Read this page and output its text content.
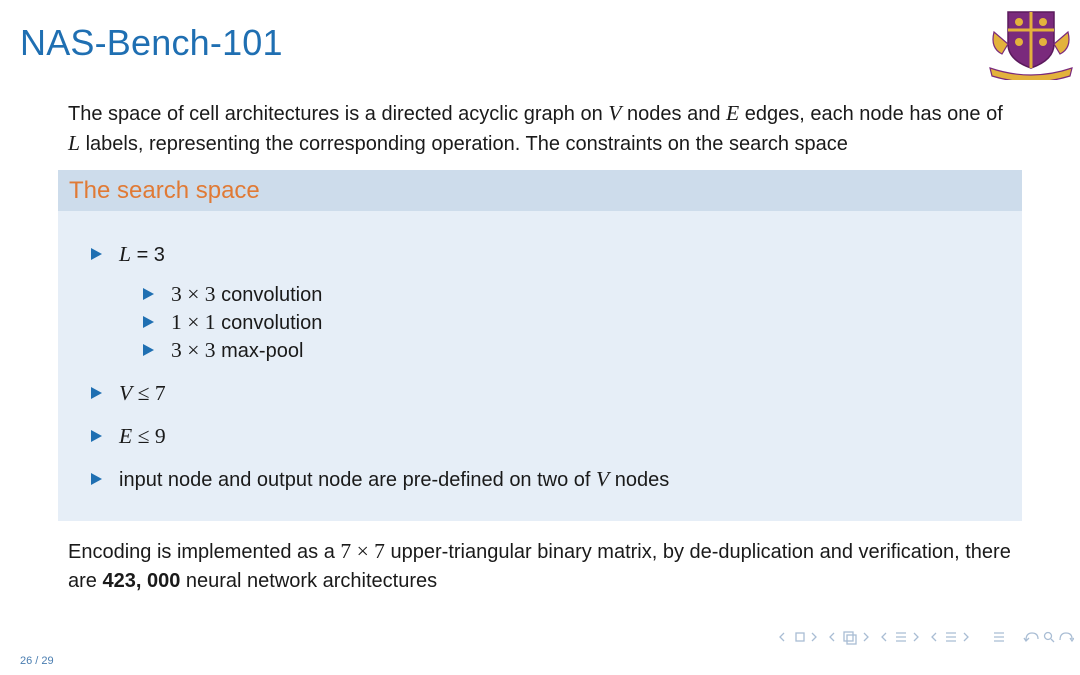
NAS-Bench-101
The space of cell architectures is a directed acyclic graph on V nodes and E edges, each node has one of L labels, representing the corresponding operation. The constraints on the search space
The search space
L = 3
3 × 3 convolution
1 × 1 convolution
3 × 3 max-pool
V ≤ 7
E ≤ 9
input node and output node are pre-defined on two of V nodes
Encoding is implemented as a 7 × 7 upper-triangular binary matrix, by de-duplication and verification, there are 423, 000 neural network architectures
26 / 29
